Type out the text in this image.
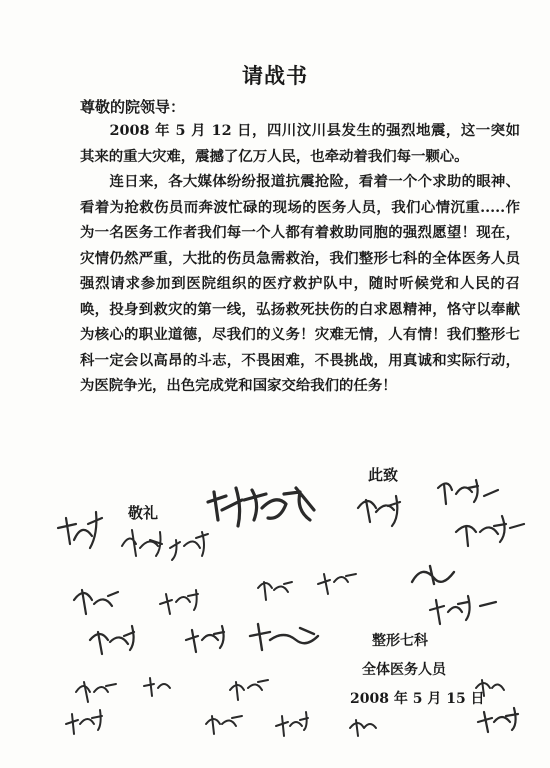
请战书
尊敬的院领导：

2008 年 5 月 12 日，四川汶川县发生的强烈地震，这一突如其来的重大灾难，震撼了亿万人民，也牵动着我们每一颗心。

连日来，各大媒体纷纷报道抗震抢险，看着一个个求助的眼神、看着为抢救伤员而奔波忙碌的现场的医务人员，我们心情沉重.....作为一名医务工作者我们每一个人都有着救助同胞的强烈愿望！现在，灾情仍然严重，大批的伤员急需救治，我们整形七科的全体医务人员强烈请求参加到医院组织的医疗救护队中，随时听候党和人民的召唤，投身到救灾的第一线，弘扬救死扶伤的白求恩精神，恪守以奉献为核心的职业道德，尽我们的义务！灾难无情，人有情！我们整形七科一定会以高昂的斗志，不畏困难，不畏挑战，用真诚和实际行动，为医院争光，出色完成党和国家交给我们的任务！

此致
敬礼
整形七科
全体医务人员
2008 年 5 月 15 日
